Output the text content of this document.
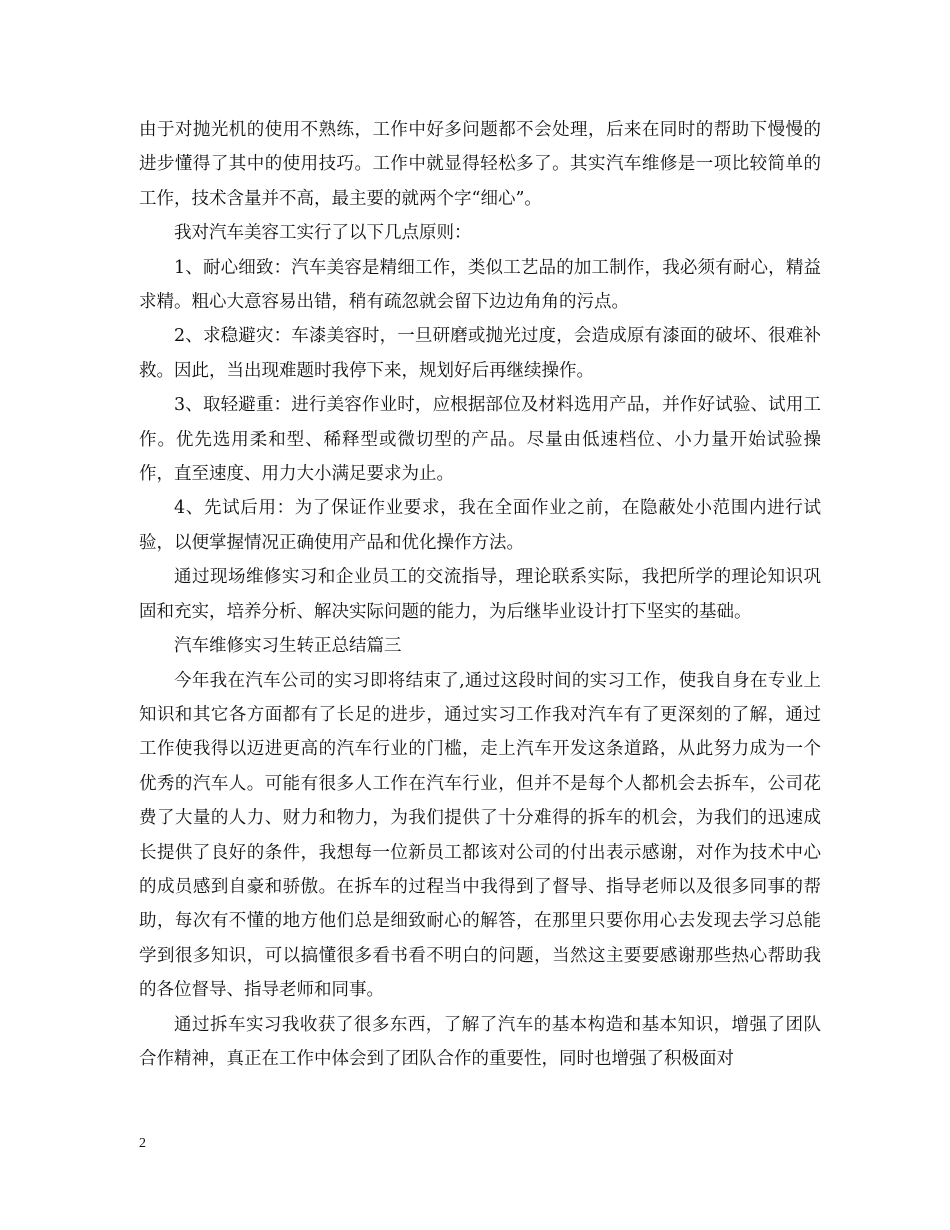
由于对抛光机的使用不熟练，工作中好多问题都不会处理，后来在同时的帮助下慢慢的进步懂得了其中的使用技巧。工作中就显得轻松多了。其实汽车维修是一项比较简单的工作，技术含量并不高，最主要的就两个字“细心”。

我对汽车美容工实行了以下几点原则：

1、耐心细致：汽车美容是精细工作，类似工艺品的加工制作，我必须有耐心，精益求精。粗心大意容易出错，稍有疏忽就会留下边边角角的污点。

2、求稳避灾：车漆美容时，一旦研磨或抛光过度，会造成原有漆面的破坏、很难补救。因此，当出现难题时我停下来，规划好后再继续操作。

3、取轻避重：进行美容作业时，应根据部位及材料选用产品，并作好试验、试用工作。优先选用柔和型、稀释型或微切型的产品。尽量由低速档位、小力量开始试验操作，直至速度、用力大小满足要求为止。

4、先试后用：为了保证作业要求，我在全面作业之前，在隐蔽处小范围内进行试验，以便掌握情况正确使用产品和优化操作方法。

通过现场维修实习和企业员工的交流指导，理论联系实际，我把所学的理论知识巩固和充实，培养分析、解决实际问题的能力，为后继毕业设计打下坚实的基础。

汽车维修实习生转正总结篇三

今年我在汽车公司的实习即将结束了,通过这段时间的实习工作，使我自身在专业上知识和其它各方面都有了长足的进步，通过实习工作我对汽车有了更深刻的了解，通过工作使我得以迈进更高的汽车行业的门槛，走上汽车开发这条道路，从此努力成为一个优秀的汽车人。可能有很多人工作在汽车行业，但并不是每个人都机会去拆车，公司花费了大量的人力、财力和物力，为我们提供了十分难得的拆车的机会，为我们的迅速成长提供了良好的条件，我想每一位新员工都该对公司的付出表示感谢，对作为技术中心的成员感到自豪和骄傲。在拆车的过程当中我得到了督导、指导老师以及很多同事的帮助，每次有不懂的地方他们总是细致耐心的解答，在那里只要你用心去发现去学习总能学到很多知识，可以搞懂很多看书看不明白的问题，当然这主要要感谢那些热心帮助我的各位督导、指导老师和同事。

通过拆车实习我收获了很多东西，了解了汽车的基本构造和基本知识，增强了团队合作精神，真正在工作中体会到了团队合作的重要性，同时也增强了积极面对

2
